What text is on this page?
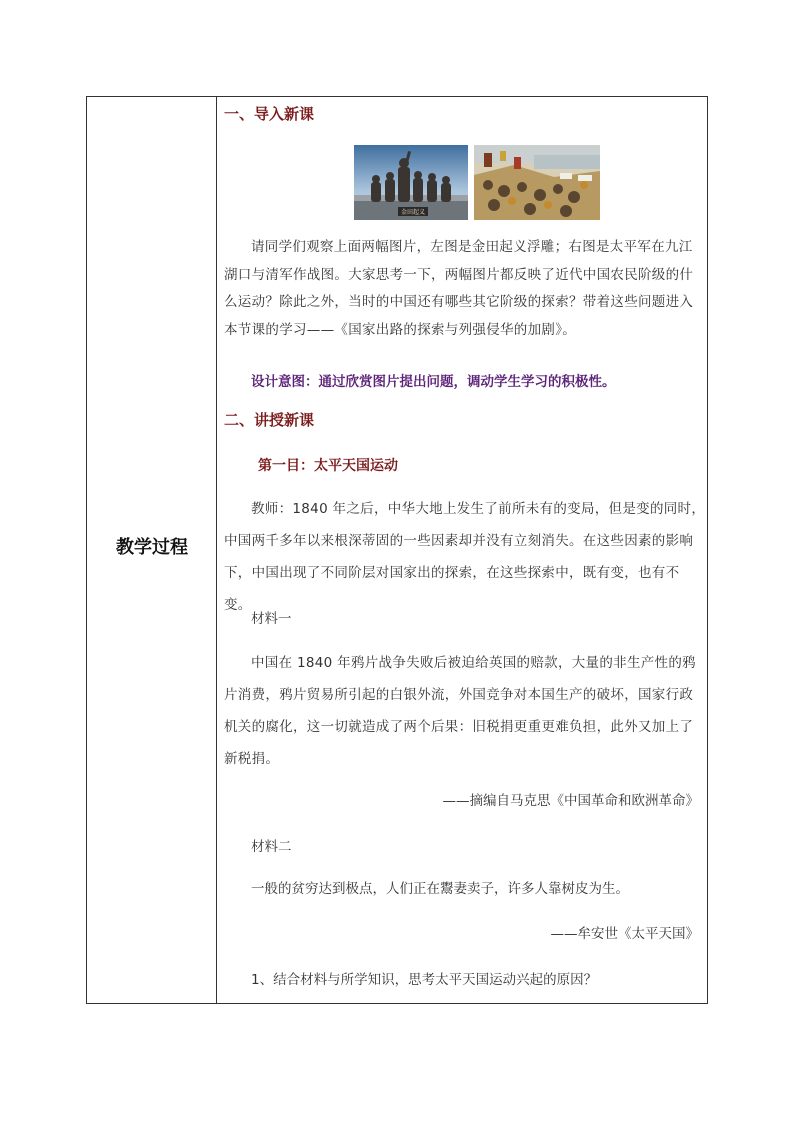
教学过程
一、导入新课
金田起义

请同学们观察上面两幅图片，左图是金田起义浮雕；右图是太平军在九江湖口与清军作战图。大家思考一下，两幅图片都反映了近代中国农民阶级的什么运动？除此之外，当时的中国还有哪些其它阶级的探索？带着这些问题进入本节课的学习——《国家出路的探索与列强侵华的加剧》。

设计意图：通过欣赏图片提出问题，调动学生学习的积极性。
二、讲授新课
第一目：太平天国运动

教师：1840 年之后，中华大地上发生了前所未有的变局，但是变的同时，中国两千多年以来根深蒂固的一些因素却并没有立刻消失。在这些因素的影响下，中国出现了不同阶层对国家出的探索，在这些探索中，既有变，也有不变。

材料一

中国在 1840 年鸦片战争失败后被迫给英国的赔款，大量的非生产性的鸦片消费，鸦片贸易所引起的白银外流，外国竞争对本国生产的破坏，国家行政机关的腐化，这一切就造成了两个后果：旧税捐更重更难负担，此外又加上了新税捐。

——摘编自马克思《中国革命和欧洲革命》
材料二
一般的贫穷达到极点，人们正在鬻妻卖子，许多人靠树皮为生。
——牟安世《太平天国》
1、结合材料与所学知识，思考太平天国运动兴起的原因？
